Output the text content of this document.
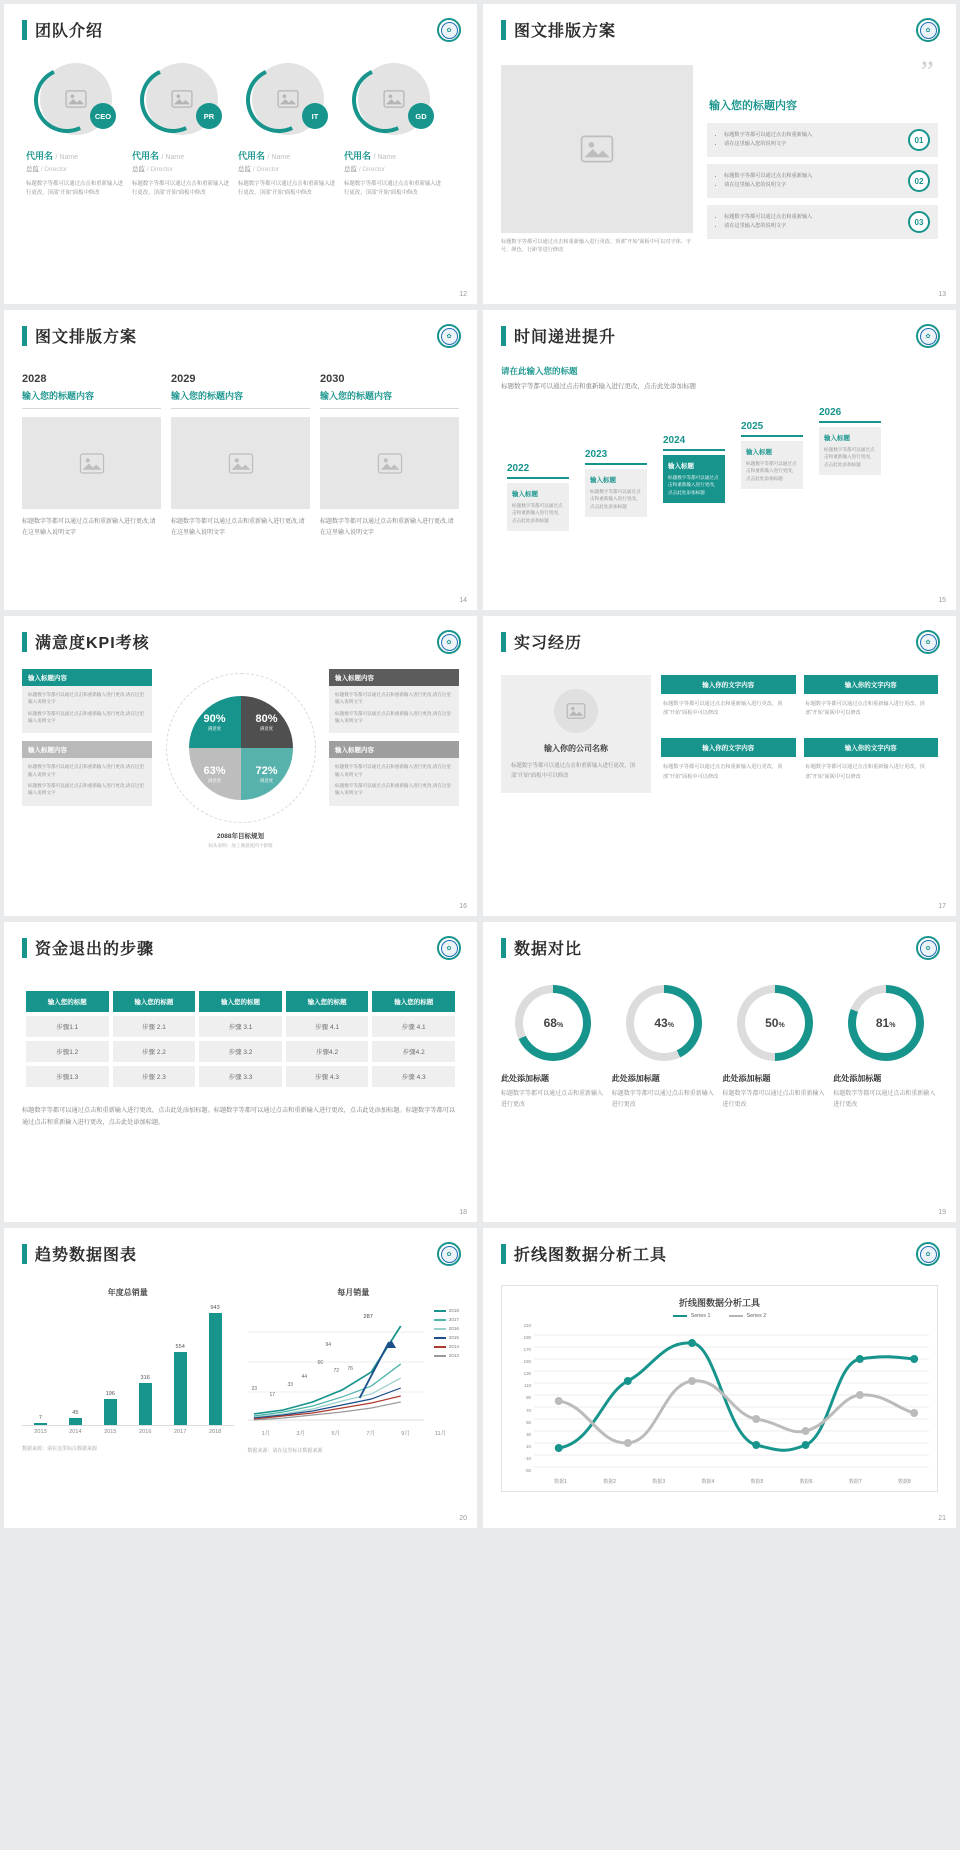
团队介绍	✿
CEO
代用名 / Name
总监 / Director
标题数字等都可以通过点击和重新输入进行更改，顶部“开始”面板中修改
PR
代用名 / Name
总监 / Director
标题数字等都可以通过点击和重新输入进行更改，顶部“开始”面板中修改
IT
代用名 / Name
总监 / Director
标题数字等都可以通过点击和重新输入进行更改，顶部“开始”面板中修改
GD
代用名 / Name
总监 / Director
标题数字等都可以通过点击和重新输入进行更改，顶部“开始”面板中修改
12
图文排版方案	✿
标题数字等都可以通过点击和重新输入进行更改，顶部“开始”面板中可以对字体、字号、颜色、行距等进行修改
”
输入您的标题内容
• 标题数字等都可以通过点击和重新输入
• 请在这里输入您的说明文字	01
• 标题数字等都可以通过点击和重新输入
• 请在这里输入您的说明文字	02
• 标题数字等都可以通过点击和重新输入
• 请在这里输入您的说明文字	03
13
图文排版方案	✿
2028
输入您的标题内容
标题数字等都可以通过点击和重新输入进行更改,请在这里输入说明文字
2029
输入您的标题内容
标题数字等都可以通过点击和重新输入进行更改,请在这里输入说明文字
2030
输入您的标题内容
标题数字等都可以通过点击和重新输入进行更改,请在这里输入说明文字
14
时间递进提升	✿
请在此输入您的标题
标题数字等都可以通过点击和重新输入进行更改，点击此处添加标题
2022
输入标题
标题数字等都可以通过点击和重新输入进行更改，点击此处添加标题
2023
输入标题
标题数字等都可以通过点击和重新输入进行更改，点击此处添加标题
2024
输入标题
标题数字等都可以通过点击和重新输入进行更改，点击此处添加标题
2025
输入标题
标题数字等都可以通过点击和重新输入进行更改，点击此处添加标题
2026
输入标题
标题数字等都可以通过点击和重新输入进行更改，点击此处添加标题
15
满意度KPI考核	✿
输入标题内容

标题数字等都可以通过点击和重新输入进行更改,请在这里输入说明文字

标题数字等都可以通过点击和重新输入进行更改,请在这里输入说明文字

输入标题内容

标题数字等都可以通过点击和重新输入进行更改,请在这里输入说明文字

标题数字等都可以通过点击和重新输入进行更改,请在这里输入说明文字

90%
满意度
80%
满意度
63%
满意度
72%
满意度
2088年目标规划
标头说明：加工满意度四个饼图
输入标题内容

标题数字等都可以通过点击和重新输入进行更改,请在这里输入说明文字

标题数字等都可以通过点击和重新输入进行更改,请在这里输入说明文字

输入标题内容

标题数字等都可以通过点击和重新输入进行更改,请在这里输入说明文字

标题数字等都可以通过点击和重新输入进行更改,请在这里输入说明文字

16
实习经历	✿
输入你的公司名称
标题数字等都可以通过点击和重新输入进行更改，顶部“开始”面板中可以修改
输入你的文字内容
标题数字等都可以通过点击和重新输入进行更改，顶部“开始”面板中可以修改
输入你的文字内容
标题数字等都可以通过点击和重新输入进行更改，顶部“开始”面板中可以修改
输入你的文字内容
标题数字等都可以通过点击和重新输入进行更改，顶部“开始”面板中可以修改
输入你的文字内容
标题数字等都可以通过点击和重新输入进行更改，顶部“开始”面板中可以修改
17
资金退出的步骤	✿
输入您的标题	输入您的标题	输入您的标题	输入您的标题	输入您的标题
步骤1.1	步骤 2.1	步骤 3.1	步骤 4.1	步骤 4.1
步骤1.2	步骤 2.2	步骤 3.2	步骤4.2	步骤4.2
步骤1.3	步骤 2.3	步骤 3.3	步骤 4.3	步骤 4.3
标题数字等都可以通过点击和重新输入进行更改，点击此处添加标题。标题数字等都可以通过点击和重新输入进行更改，点击此处添加标题。标题数字等都可以通过点击和重新输入进行更改，点击此处添加标题。
18
数据对比	✿
68%
此处添加标题
标题数字等都可以通过点击和重新输入进行更改
43%
此处添加标题
标题数字等都可以通过点击和重新输入进行更改
50%
此处添加标题
标题数字等都可以通过点击和重新输入进行更改
81%
此处添加标题
标题数字等都可以通过点击和重新输入进行更改
19
趋势数据图表	✿
年度总销量
7
45
196
316
554
943
2013	2014	2015	2016	2017	2018
数据来源：请在这里标注数据来源
每月销量
23
17
33
44
66
72 76
94
287
2018
2017
2016
2015
2014
2013
1月	3月	5月	7月	9月	11月
数据来源：请在这里标注数据来源
20
折线图数据分析工具	✿
折线图数据分析工具
Series 1	Series 2
210
190
170
150
130
110
90
70
50
30
10
-10
-30
数据1	数据2	数据3	数据4	数据5	数据6	数据7	数据8
21
